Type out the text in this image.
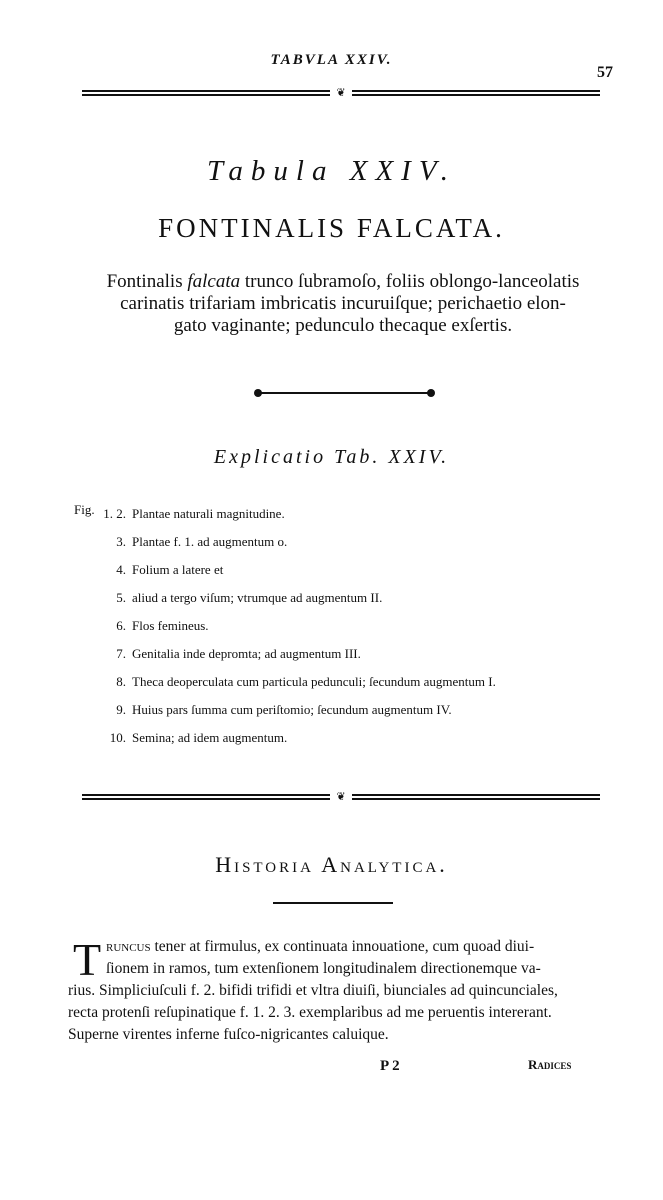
TABVLA XXIV.
57
❦
Tabula XXIV.
FONTINALIS FALCATA.

Fontinalis falcata trunco ſubramoſo, foliis oblongo-lanceolatis

carinatis trifariam imbricatis incuruiſque; perichaetio elon-

gato vaginante; pedunculo thecaque exſertis.

Explicatio Tab. XXIV.
Fig. 1. 2. Plantae naturali magnitudine.
3. Plantae f. 1. ad augmentum o.
4. Folium a latere et
5. aliud a tergo viſum; vtrumque ad augmentum II.
6. Flos femineus.
7. Genitalia inde depromta; ad augmentum III.
8. Theca deoperculata cum particula pedunculi; ſecundum augmentum I.
9. Huius pars ſumma cum periſtomio; ſecundum augmentum IV.
10. Semina; ad idem augmentum.
❦
Historia Analytica.
T runcus tener at firmulus, ex continuata innouatione, cum quoad diui-
ſionem in ramos, tum extenſionem longitudinalem directionemque va-
rius. Simpliciuſculi f. 2. bifidi trifidi et vltra diuiſi, biunciales ad quincunciales,
recta protenſi reſupinatique f. 1. 2. 3. exemplaribus ad me peruentis intererant.
Superne virentes inferne fuſco-nigricantes caluique.
P 2	Radices
